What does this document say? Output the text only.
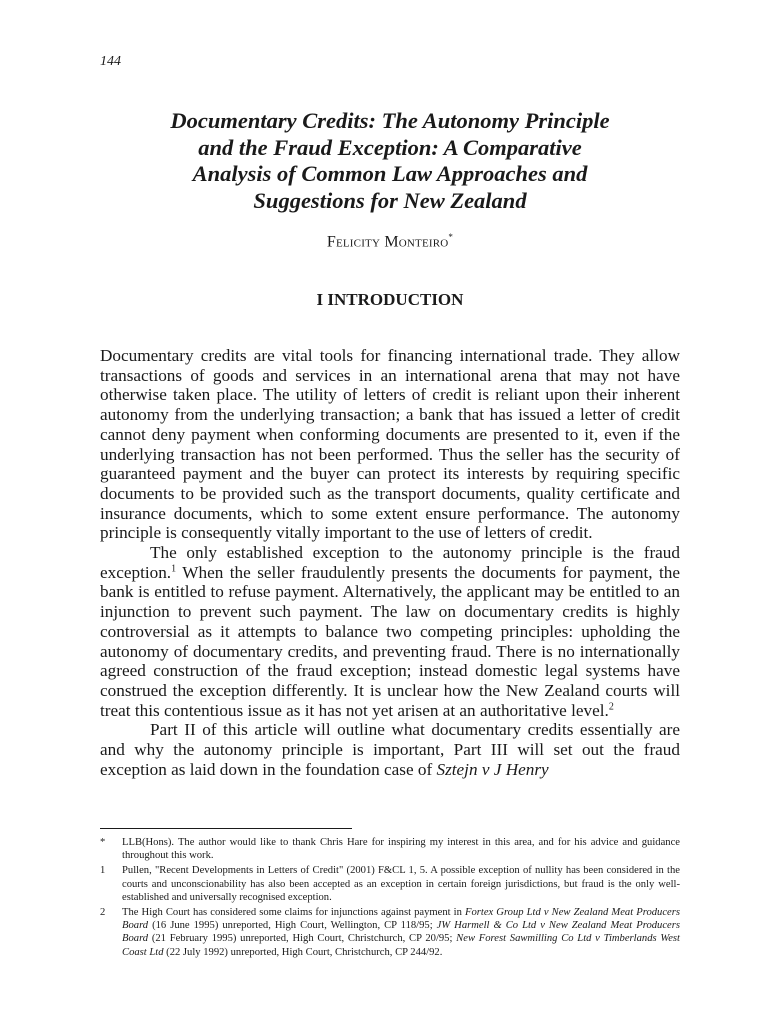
144
Documentary Credits: The Autonomy Principle
and the Fraud Exception: A Comparative
Analysis of Common Law Approaches and
Suggestions for New Zealand
Felicity Monteiro*
I INTRODUCTION

Documentary credits are vital tools for financing international trade. They allow transactions of goods and services in an international arena that may not have otherwise taken place. The utility of letters of credit is reliant upon their inherent autonomy from the underlying transaction; a bank that has issued a letter of credit cannot deny payment when conforming documents are presented to it, even if the underlying transaction has not been performed. Thus the seller has the security of guaranteed payment and the buyer can protect its interests by requiring specific documents to be provided such as the transport documents, quality certificate and insurance documents, which to some extent ensure performance. The autonomy principle is consequently vitally important to the use of letters of credit.

The only established exception to the autonomy principle is the fraud exception.$^1$ When the seller fraudulently presents the documents for payment, the bank is entitled to refuse payment. Alternatively, the applicant may be entitled to an injunction to prevent such payment. The law on documentary credits is highly controversial as it attempts to balance two competing principles: upholding the autonomy of documentary credits, and preventing fraud. There is no internationally agreed construction of the fraud exception; instead domestic legal systems have construed the exception differently. It is unclear how the New Zealand courts will treat this contentious issue as it has not yet arisen at an authoritative level.$^2$

Part II of this article will outline what documentary credits essentially are and why the autonomy principle is important, Part III will set out the fraud exception as laid down in the foundation case of Sztejn v J Henry

*	LLB(Hons). The author would like to thank Chris Hare for inspiring my interest in this area, and for his advice and guidance throughout this work.
1	Pullen, "Recent Developments in Letters of Credit" (2001) F&CL 1, 5. A possible exception of nullity has been considered in the courts and unconscionability has also been accepted as an exception in certain foreign jurisdictions, but fraud is the only well-established and universally recognised exception.
2	The High Court has considered some claims for injunctions against payment in Fortex Group Ltd v New Zealand Meat Producers Board (16 June 1995) unreported, High Court, Wellington, CP 118/95; JW Harmell & Co Ltd v New Zealand Meat Producers Board (21 February 1995) unreported, High Court, Christchurch, CP 20/95; New Forest Sawmilling Co Ltd v Timberlands West Coast Ltd (22 July 1992) unreported, High Court, Christchurch, CP 244/92.
